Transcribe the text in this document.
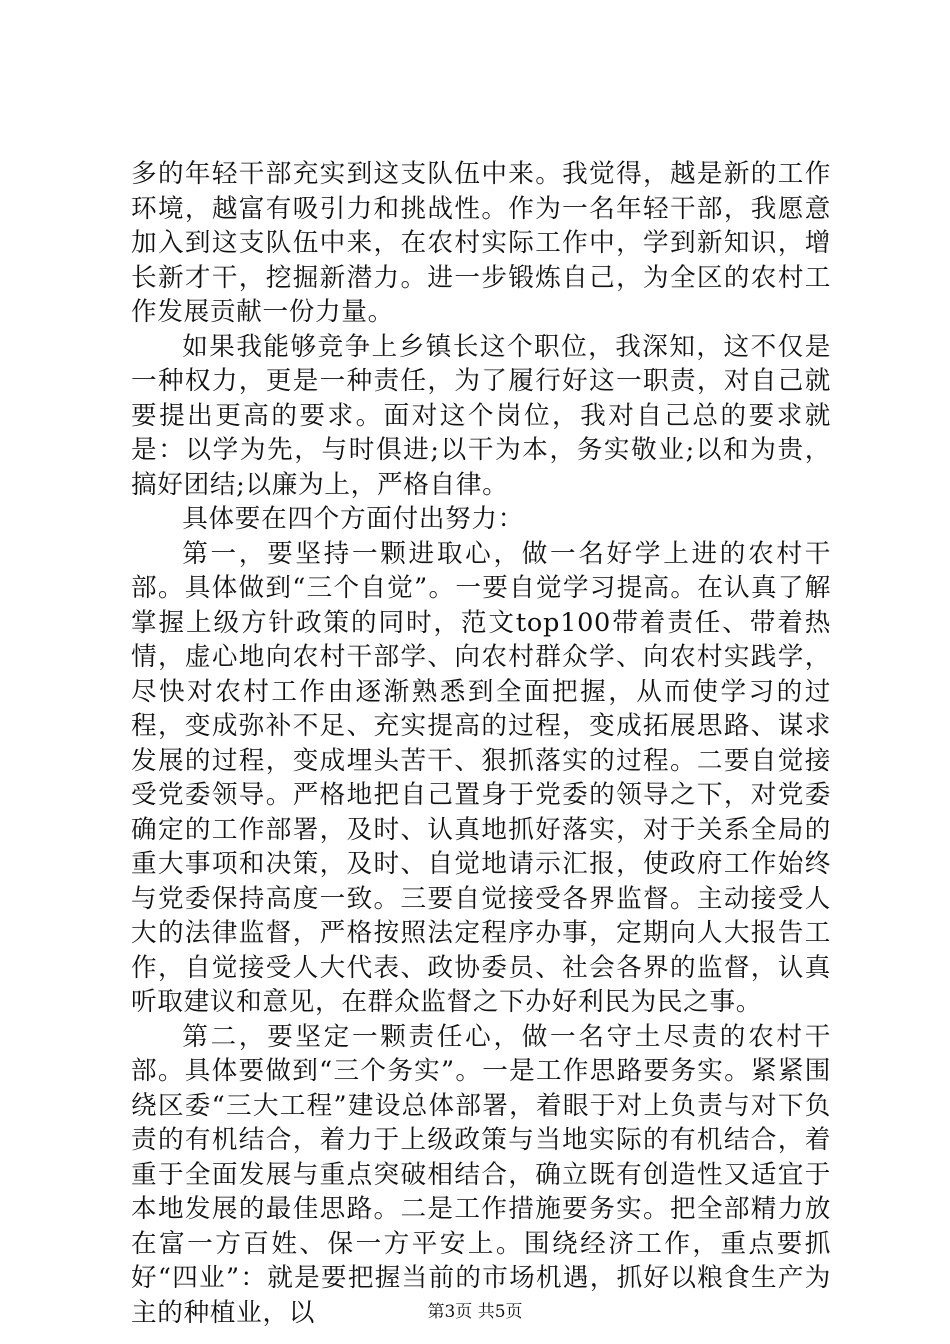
多的年轻干部充实到这支队伍中来。我觉得，越是新的工作环境，越富有吸引力和挑战性。作为一名年轻干部，我愿意加入到这支队伍中来，在农村实际工作中，学到新知识，增长新才干，挖掘新潜力。进一步锻炼自己，为全区的农村工作发展贡献一份力量。

如果我能够竞争上乡镇长这个职位，我深知，这不仅是一种权力，更是一种责任，为了履行好这一职责，对自己就要提出更高的要求。面对这个岗位，我对自己总的要求就是：以学为先，与时俱进;以干为本，务实敬业;以和为贵，搞好团结;以廉为上，严格自律。

具体要在四个方面付出努力：

第一，要坚持一颗进取心，做一名好学上进的农村干部。具体做到“三个自觉”。一要自觉学习提高。在认真了解掌握上级方针政策的同时，范文top100带着责任、带着热情，虚心地向农村干部学、向农村群众学、向农村实践学，尽快对农村工作由逐渐熟悉到全面把握，从而使学习的过程，变成弥补不足、充实提高的过程，变成拓展思路、谋求发展的过程，变成埋头苦干、狠抓落实的过程。二要自觉接受党委领导。严格地把自己置身于党委的领导之下，对党委确定的工作部署，及时、认真地抓好落实，对于关系全局的重大事项和决策，及时、自觉地请示汇报，使政府工作始终与党委保持高度一致。三要自觉接受各界监督。主动接受人大的法律监督，严格按照法定程序办事，定期向人大报告工作，自觉接受人大代表、政协委员、社会各界的监督，认真听取建议和意见，在群众监督之下办好利民为民之事。

第二，要坚定一颗责任心，做一名守土尽责的农村干部。具体要做到“三个务实”。一是工作思路要务实。紧紧围绕区委“三大工程”建设总体部署，着眼于对上负责与对下负责的有机结合，着力于上级政策与当地实际的有机结合，着重于全面发展与重点突破相结合，确立既有创造性又适宜于本地发展的最佳思路。二是工作措施要务实。把全部精力放在富一方百姓、保一方平安上。围绕经济工作，重点要抓好“四业”：就是要把握当前的市场机遇，抓好以粮食生产为主的种植业，以	第3页 共5页
